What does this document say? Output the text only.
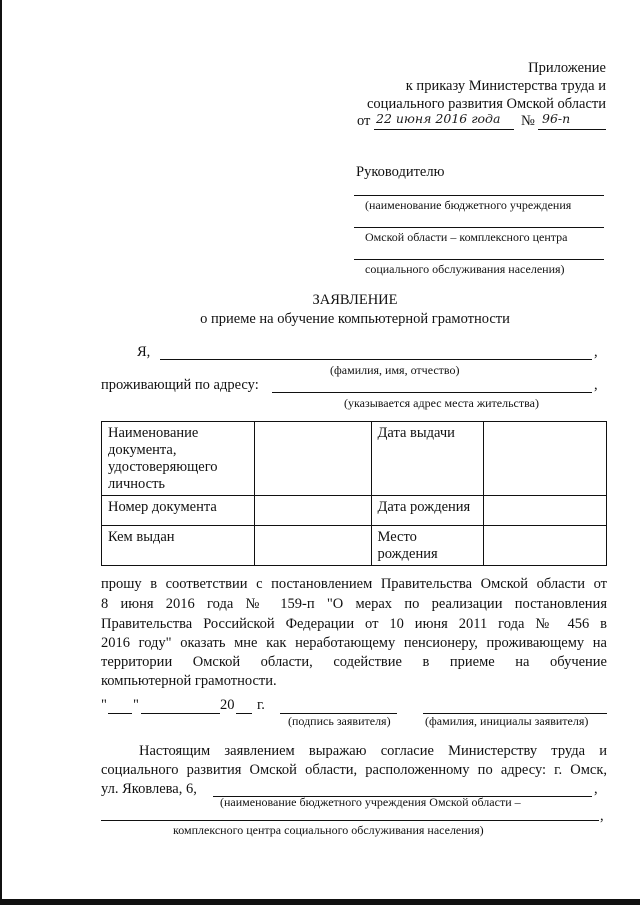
Приложение
к приказу Министерства труда и
социального развития Омской области
от 22 июня 2016 года № 96-п
Руководителю
(наименование бюджетного учреждения
Омской области – комплексного центра
социального обслуживания населения)
ЗАЯВЛЕНИЕ
о приеме на обучение компьютерной грамотности
Я,	,
(фамилия, имя, отчество)
проживающий по адресу:	,
(указывается адрес места жительства)
Наименование документа, удостоверяющего личность		Дата выдачи	
Номер документа		Дата рождения	
Кем выдан		Место рождения	
прошу в соответствии с постановлением Правительства Омской области от
8 июня 2016 года № 159-п "О мерах по реализации постановления
Правительства Российской Федерации от 10 июня 2011 года № 456 в
2016 году" оказать мне как неработающему пенсионеру, проживающему на
территории Омской области, содействие в приеме на обучение
компьютерной грамотности.
" "	20 г.
(подпись заявителя)	(фамилия, инициалы заявителя)
Настоящим заявлением выражаю согласие Министерству труда и
социального развития Омской области, расположенному по адресу: г. Омск,
ул. Яковлева, 6,	,
(наименование бюджетного учреждения Омской области –
,
комплексного центра социального обслуживания населения)
